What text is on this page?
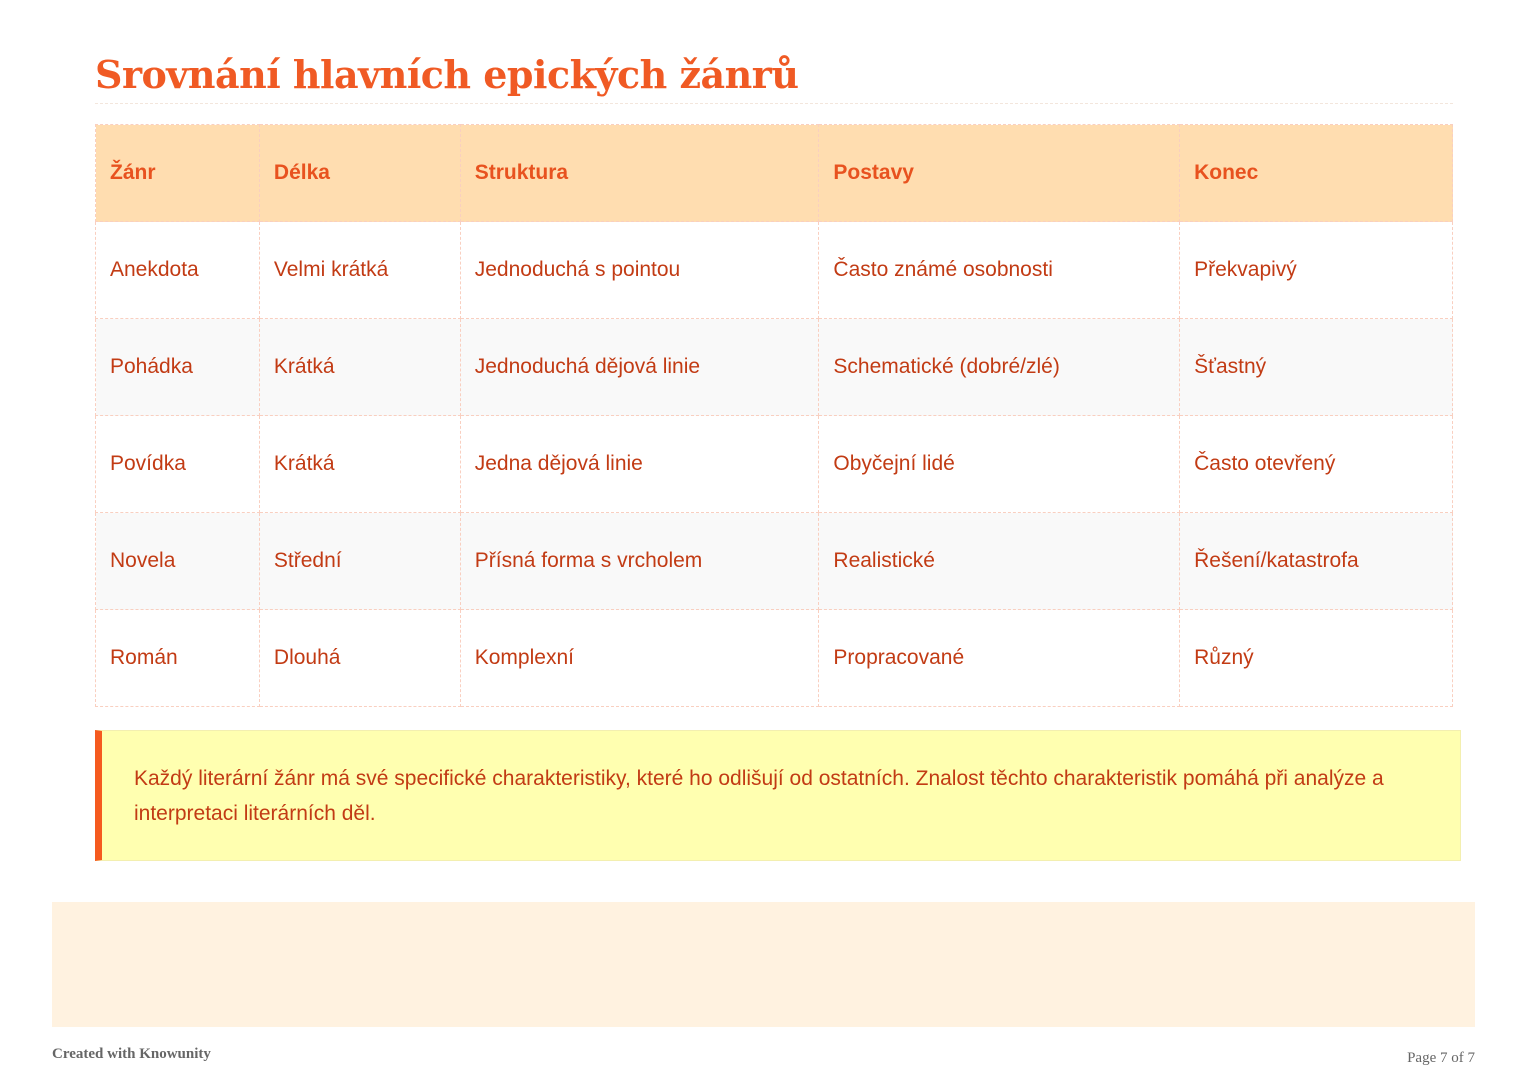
Srovnání hlavních epických žánrů
Žánr	Délka	Struktura	Postavy	Konec
Anekdota	Velmi krátká	Jednoduchá s pointou	Často známé osobnosti	Překvapivý
Pohádka	Krátká	Jednoduchá dějová linie	Schematické (dobré/zlé)	Šťastný
Povídka	Krátká	Jedna dějová linie	Obyčejní lidé	Často otevřený
Novela	Střední	Přísná forma s vrcholem	Realistické	Řešení/katastrofa
Román	Dlouhá	Komplexní	Propracované	Různý
Každý literární žánr má své specifické charakteristiky, které ho odlišují od ostatních. Znalost těchto charakteristik pomáhá při analýze a interpretaci literárních děl.
Created with Knowunity	Page 7 of 7
